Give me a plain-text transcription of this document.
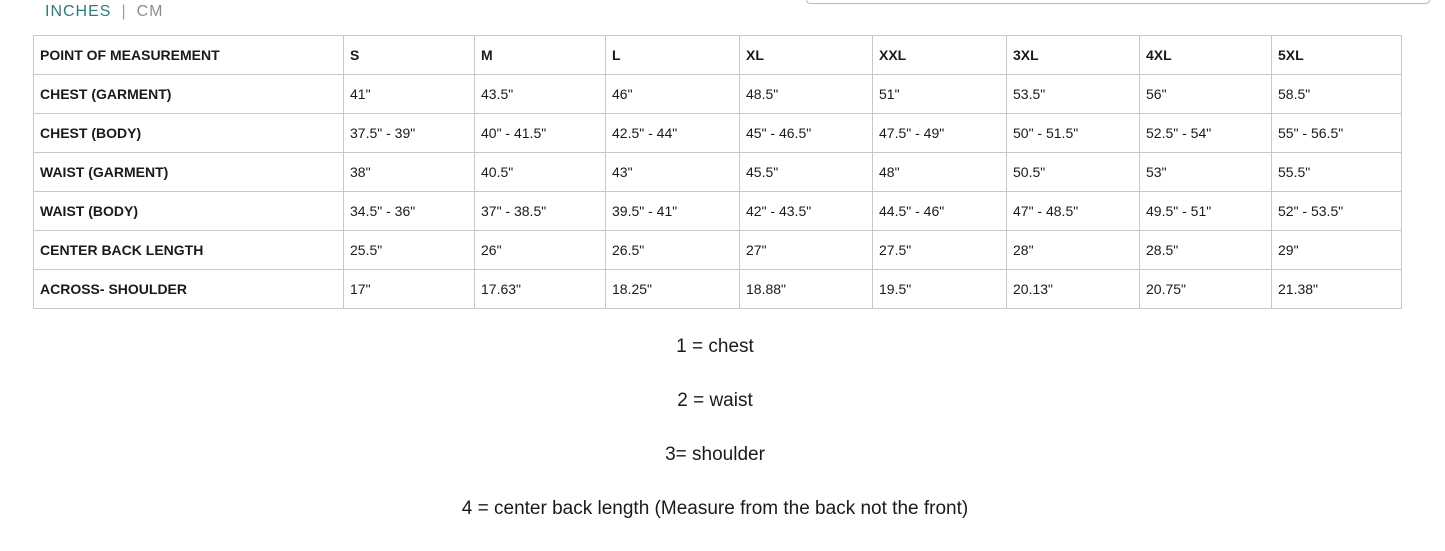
INCHES | CM
POINT OF MEASUREMENT	S	M	L	XL	XXL	3XL	4XL	5XL
CHEST (GARMENT)	41"	43.5"	46"	48.5"	51"	53.5"	56"	58.5"
CHEST (BODY)	37.5" - 39"	40" - 41.5"	42.5" - 44"	45" - 46.5"	47.5" - 49"	50" - 51.5"	52.5" - 54"	55" - 56.5"
WAIST (GARMENT)	38"	40.5"	43"	45.5"	48"	50.5"	53"	55.5"
WAIST (BODY)	34.5" - 36"	37" - 38.5"	39.5" - 41"	42" - 43.5"	44.5" - 46"	47" - 48.5"	49.5" - 51"	52" - 53.5"
CENTER BACK LENGTH	25.5"	26"	26.5"	27"	27.5"	28"	28.5"	29"
ACROSS- SHOULDER	17"	17.63"	18.25"	18.88"	19.5"	20.13"	20.75"	21.38"

1 = chest

2 = waist

3= shoulder

4 = center back length (Measure from the back not the front)
